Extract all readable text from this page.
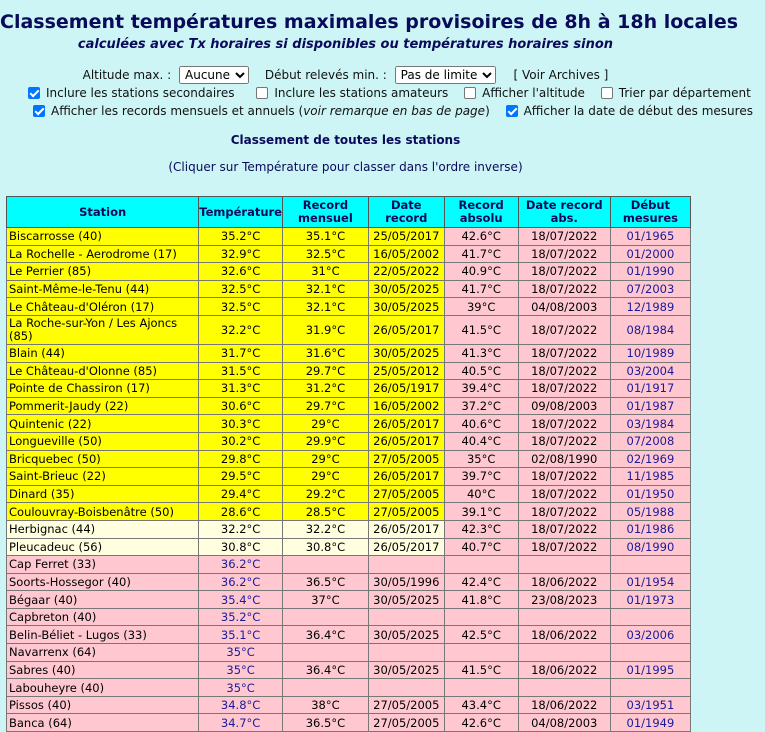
Classement températures maximales provisoires de 8h à 18h locales
calculées avec Tx horaires si disponibles ou températures horaires sinon
Altitude max. :
Aucune	Début relevés min. :
Pas de limite	[ Voir Archives ]
Inclure les stations secondaires
	Inclure les stations amateurs
	Afficher l'altitude
	Trier par département
Afficher les records mensuels et annuels (voir remarque en bas de page)
	Afficher la date de début des mesures
Classement de toutes les stations
(Cliquer sur Température pour classer dans l'ordre inverse)
Station	Température	Record mensuel	Date record	Record absolu	Date record abs.	Début mesures
Biscarrosse (40)	35.2°C	35.1°C	25/05/2017	42.6°C	18/07/2022	01/1965
La Rochelle - Aerodrome (17)	32.9°C	32.5°C	16/05/2002	41.7°C	18/07/2022	01/2000
Le Perrier (85)	32.6°C	31°C	22/05/2022	40.9°C	18/07/2022	01/1990
Saint-Même-le-Tenu (44)	32.5°C	32.1°C	30/05/2025	41.7°C	18/07/2022	07/2003
Le Château-d'Oléron (17)	32.5°C	32.1°C	30/05/2025	39°C	04/08/2003	12/1989
La Roche-sur-Yon / Les Ajoncs (85)	32.2°C	31.9°C	26/05/2017	41.5°C	18/07/2022	08/1984
Blain (44)	31.7°C	31.6°C	30/05/2025	41.3°C	18/07/2022	10/1989
Le Château-d'Olonne (85)	31.5°C	29.7°C	25/05/2012	40.5°C	18/07/2022	03/2004
Pointe de Chassiron (17)	31.3°C	31.2°C	26/05/1917	39.4°C	18/07/2022	01/1917
Pommerit-Jaudy (22)	30.6°C	29.7°C	16/05/2002	37.2°C	09/08/2003	01/1987
Quintenic (22)	30.3°C	29°C	26/05/2017	40.6°C	18/07/2022	03/1984
Longueville (50)	30.2°C	29.9°C	26/05/2017	40.4°C	18/07/2022	07/2008
Bricquebec (50)	29.8°C	29°C	27/05/2005	35°C	02/08/1990	02/1969
Saint-Brieuc (22)	29.5°C	29°C	26/05/2017	39.7°C	18/07/2022	11/1985
Dinard (35)	29.4°C	29.2°C	27/05/2005	40°C	18/07/2022	01/1950
Coulouvray-Boisbenâtre (50)	28.6°C	28.5°C	27/05/2005	39.1°C	18/07/2022	05/1988
Herbignac (44)	32.2°C	32.2°C	26/05/2017	42.3°C	18/07/2022	01/1986
Pleucadeuc (56)	30.8°C	30.8°C	26/05/2017	40.7°C	18/07/2022	08/1990
Cap Ferret (33)	36.2°C					
Soorts-Hossegor (40)	36.2°C	36.5°C	30/05/1996	42.4°C	18/06/2022	01/1954
Bégaar (40)	35.4°C	37°C	30/05/2025	41.8°C	23/08/2023	01/1973
Capbreton (40)	35.2°C					
Belin-Béliet - Lugos (33)	35.1°C	36.4°C	30/05/2025	42.5°C	18/06/2022	03/2006
Navarrenx (64)	35°C					
Sabres (40)	35°C	36.4°C	30/05/2025	41.5°C	18/06/2022	01/1995
Labouheyre (40)	35°C					
Pissos (40)	34.8°C	38°C	27/05/2005	43.4°C	18/06/2022	03/1951
Banca (64)	34.7°C	36.5°C	27/05/2005	42.6°C	04/08/2003	01/1949
